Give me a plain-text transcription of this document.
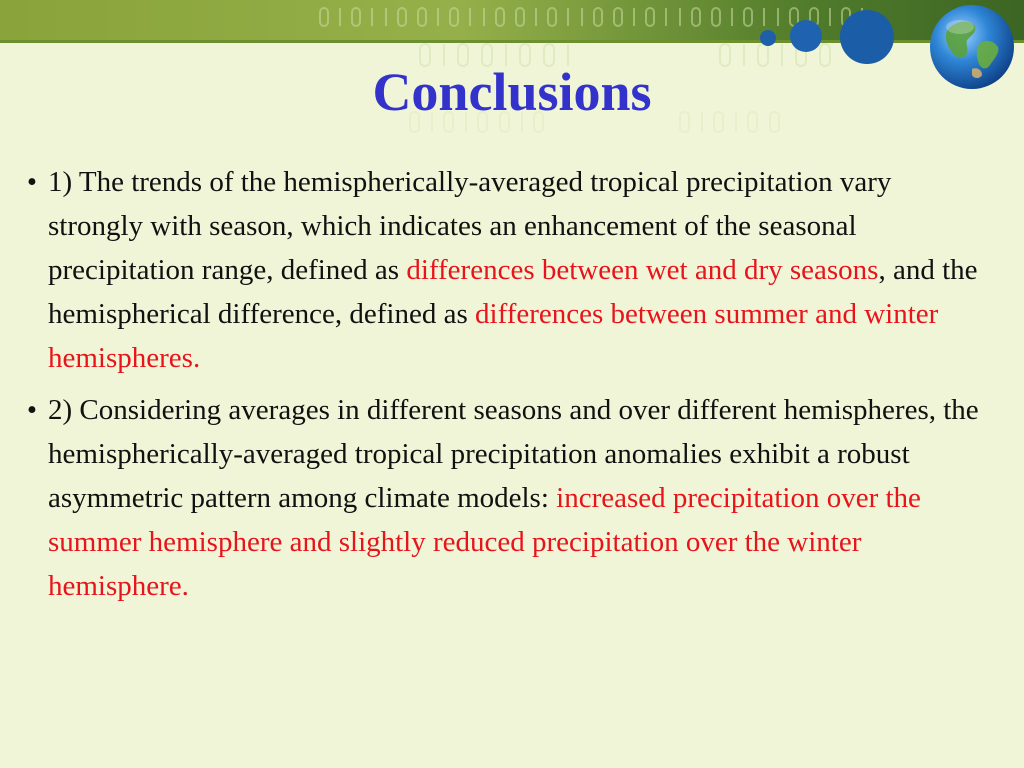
Conclusions
• 1) The trends of the hemispherically-averaged tropical precipitation vary strongly with season, which indicates an enhancement of the seasonal precipitation range, defined as differences between wet and dry seasons, and the hemispherical difference, defined as differences between summer and winter hemispheres.
• 2) Considering averages in different seasons and over different hemispheres, the hemispherically-averaged tropical precipitation anomalies exhibit a robust asymmetric pattern among climate models: increased precipitation over the summer hemisphere and slightly reduced precipitation over the winter hemisphere.
